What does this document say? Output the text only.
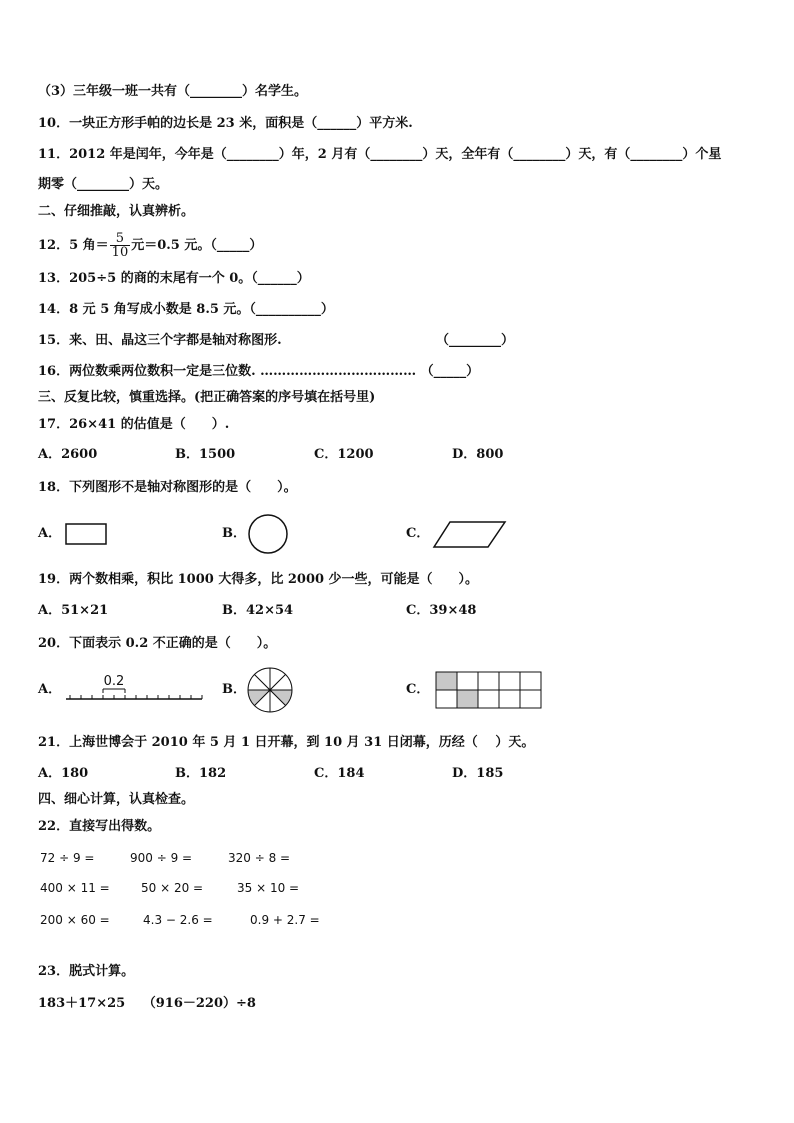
（3）三年级一班一共有（________）名学生。
10．一块正方形手帕的边长是 23 米，面积是（______）平方米.
11．2012 年是闰年，今年是（________）年，2 月有（________）天，全年有（________）天，有（________）个星
期零（________）天。
二、仔细推敲，认真辨析。
12．5 角＝ $\frac{5}{10}$ 元＝0.5 元。（_____）
13．205÷5 的商的末尾有一个 0。（______）
14．8 元 5 角写成小数是 8.5 元。（__________）
15．来、田、晶这三个字都是轴对称图形.	（________）
16．两位数乘两位数积一定是三位数. ……………………………… （_____）
三、反复比较，慎重选择。(把正确答案的序号填在括号里)
17．26×41 的估值是（　　）.
A．2600	B．1500	C．1200	D．800
18．下列图形不是轴对称图形的是（　　）。
A．	B．	C．
19．两个数相乘，积比 1000 大得多，比 2000 少一些，可能是（　　）。
A．51×21	B．42×54	C．39×48
20．下面表示 0.2 不正确的是（　　）。
A．
0.2
B．	C．
21．上海世博会于 2010 年 5 月 1 日开幕，到 10 月 31 日闭幕，历经（　 ）天。
A．180	B．182	C．184	D．185
四、细心计算，认真检查。
22．直接写出得数。
72 ÷ 9 =	900 ÷ 9 =	320 ÷ 8 =
400 × 11 =	50 × 20 =	35 × 10 =
200 × 60 =	4.3 − 2.6 =	0.9 + 2.7 =
23．脱式计算。
183＋17×25　 （916－220）÷8
